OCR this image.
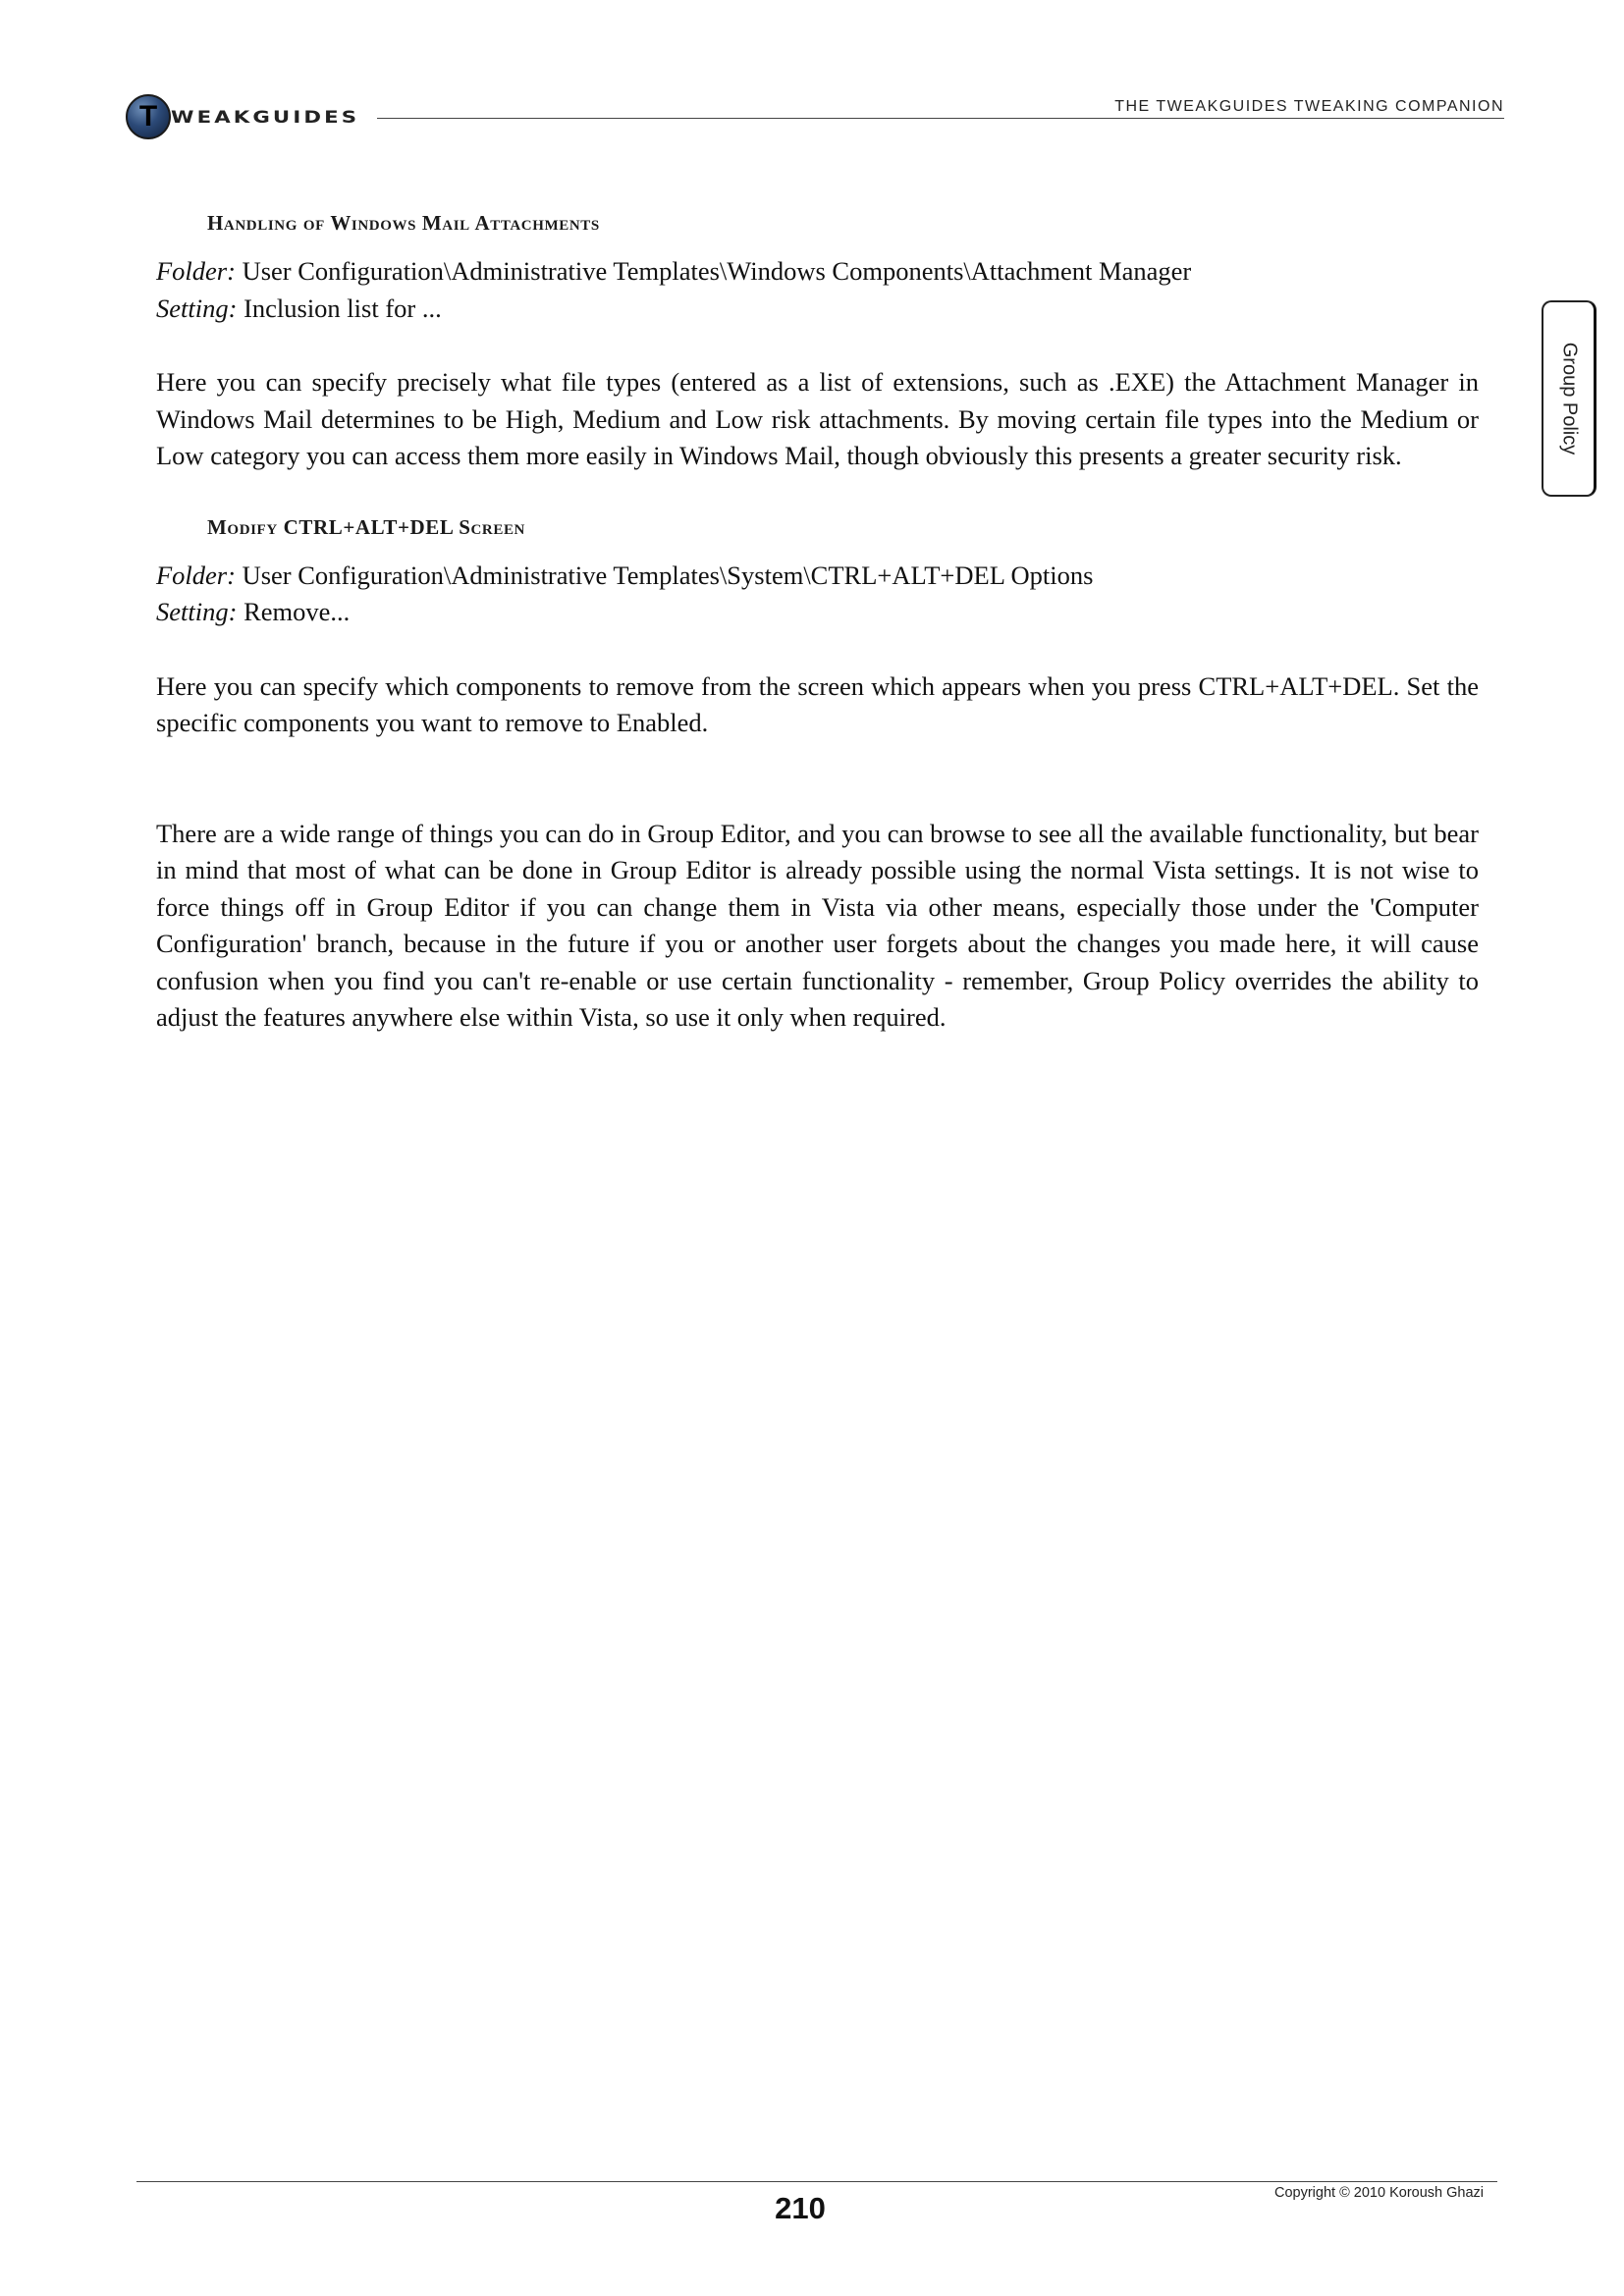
T WEAKGUIDES
THE TWEAKGUIDES TWEAKING COMPANION
Group Policy
Handling of Windows Mail Attachments

Folder: User Configuration\Administrative Templates\Windows Components\Attachment Manager

Setting: Inclusion list for ...

Here you can specify precisely what file types (entered as a list of extensions, such as .EXE) the Attachment Manager in Windows Mail determines to be High, Medium and Low risk attachments. By moving certain file types into the Medium or Low category you can access them more easily in Windows Mail, though obviously this presents a greater security risk.

Modify CTRL+ALT+DEL Screen

Folder: User Configuration\Administrative Templates\System\CTRL+ALT+DEL Options

Setting: Remove...

Here you can specify which components to remove from the screen which appears when you press CTRL+ALT+DEL. Set the specific components you want to remove to Enabled.

There are a wide range of things you can do in Group Editor, and you can browse to see all the available functionality, but bear in mind that most of what can be done in Group Editor is already possible using the normal Vista settings. It is not wise to force things off in Group Editor if you can change them in Vista via other means, especially those under the 'Computer Configuration' branch, because in the future if you or another user forgets about the changes you made here, it will cause confusion when you find you can't re-enable or use certain functionality - remember, Group Policy overrides the ability to adjust the features anywhere else within Vista, so use it only when required.

210	Copyright © 2010 Koroush Ghazi
